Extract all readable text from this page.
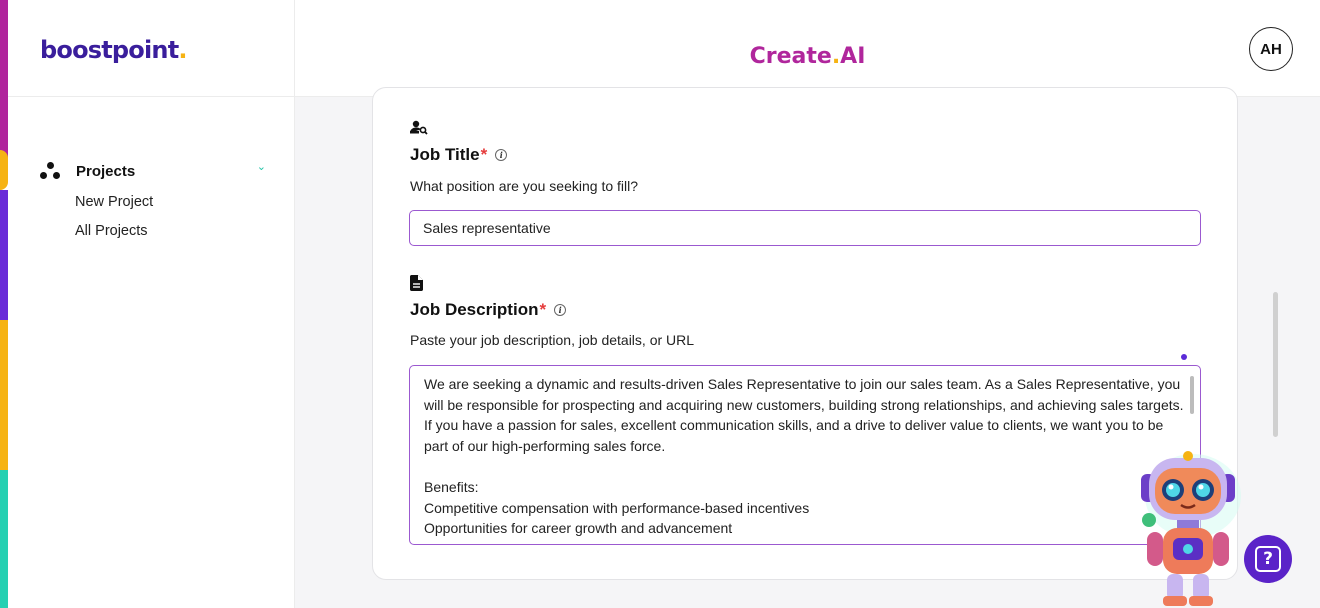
boostpoint.
Projects	⌄
New Project
All Projects
Create.AI	AH
Job Title *	i
What position are you seeking to fill?
Sales representative
Job Description *	i
Paste your job description, job details, or URL
We are seeking a dynamic and results-driven Sales Representative to join our sales team. As a Sales Representative, you will be responsible for prospecting and acquiring new customers, building strong relationships, and achieving sales targets. If you have a passion for sales, excellent communication skills, and a drive to deliver value to clients, we want you to be part of our high-performing sales force.
Benefits:
Competitive compensation with performance-based incentives
Opportunities for career growth and advancement
?
